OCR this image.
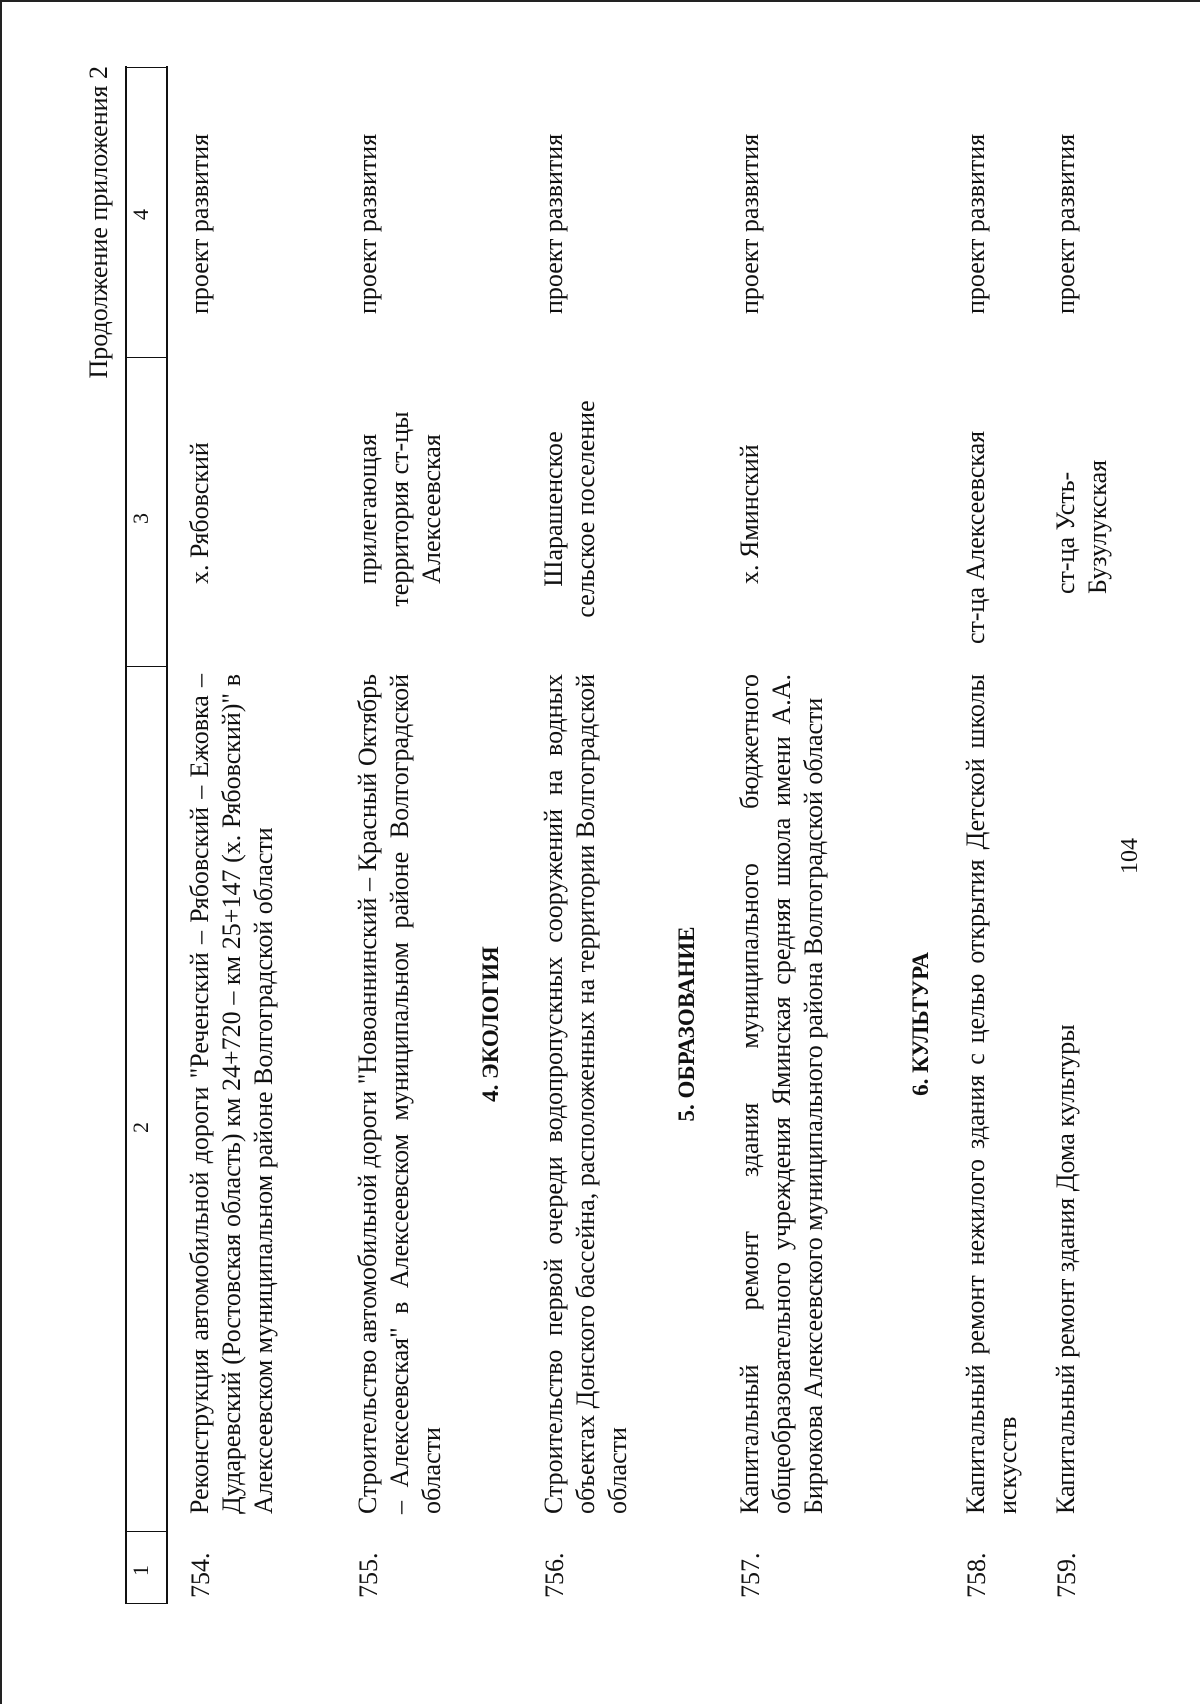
104
Продолжение приложения 2
1
2
3
4
754.
Реконструкция автомобильной дороги "Реченский – Рябовский – Ежовка – Дударевский (Ростовская область) км 24+720 – км 25+147 (х. Рябовский)" в Алексеевском муниципальном районе Волгоградской области
х. Рябовский
проект развития
755.
Строительство автомобильной дороги "Новоаннинский – Красный Октябрь – Алексеевская" в Алексеевском муниципальном районе Волгоградской области
прилегающая территория ст-цы Алексеевская
проект развития
4. ЭКОЛОГИЯ
756.
Строительство первой очереди водопропускных сооружений на водных объектах Донского бассейна, расположенных на территории Волгоградской области
Шарашенское сельское поселение
проект развития
5. ОБРАЗОВАНИЕ
757.
Капитальный ремонт здания муниципального бюджетного общеобразовательного учреждения Яминская средняя школа имени А.А. Бирюкова Алексеевского муниципального района Волгоградской области
х. Яминский
проект развития
6. КУЛЬТУРА
758.
Капитальный ремонт нежилого здания с целью открытия Детской школы искусств
ст-ца Алексеевская
проект развития
759.
Капитальный ремонт здания Дома культуры
ст-ца Усть-Бузулукская
проект развития
